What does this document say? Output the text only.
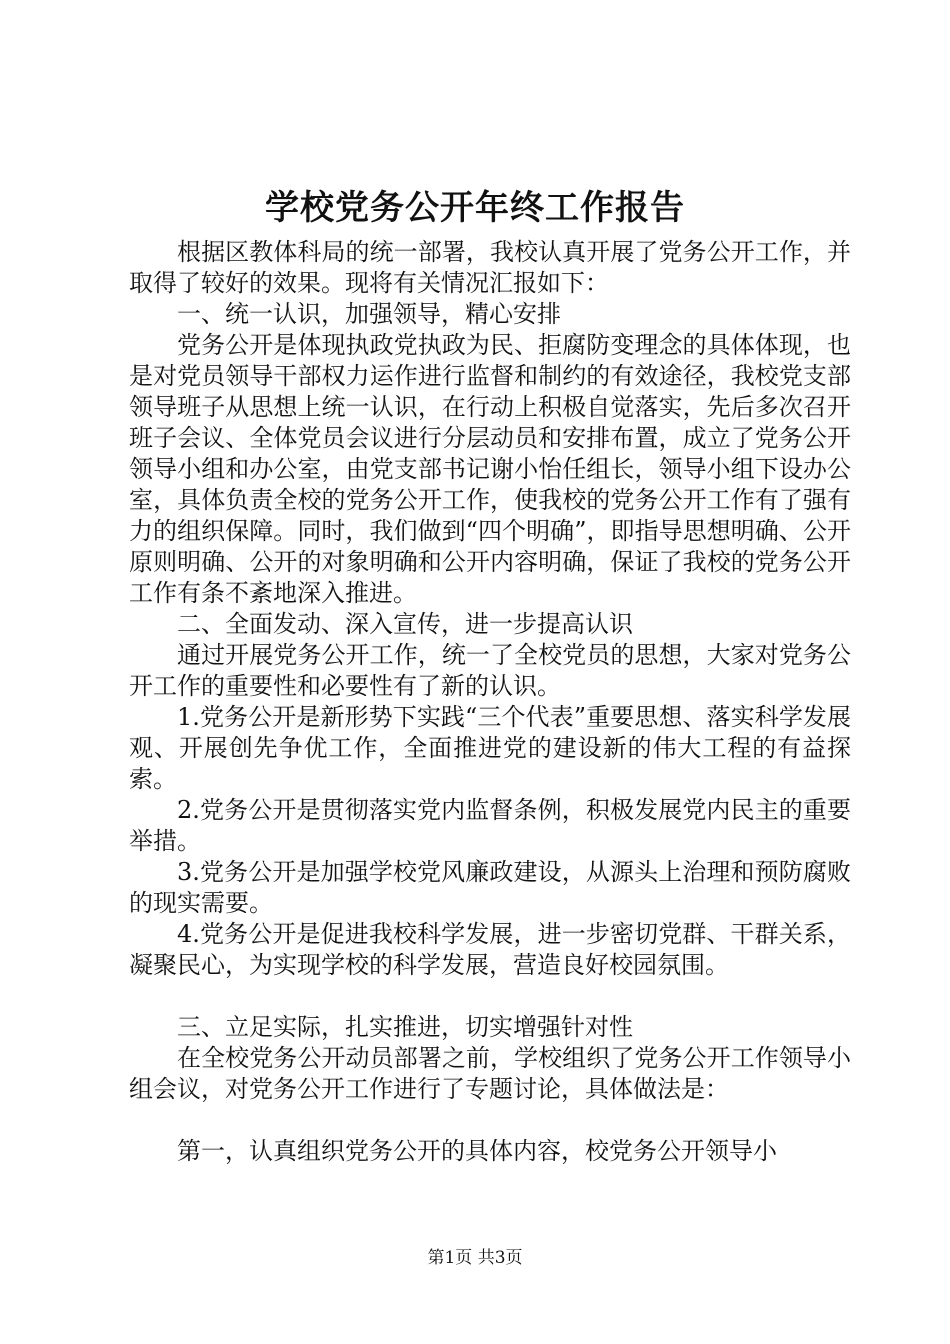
学校党务公开年终工作报告

根据区教体科局的统一部署，我校认真开展了党务公开工作，并取得了较好的效果。现将有关情况汇报如下：

一、统一认识，加强领导，精心安排

党务公开是体现执政党执政为民、拒腐防变理念的具体体现，也是对党员领导干部权力运作进行监督和制约的有效途径，我校党支部领导班子从思想上统一认识，在行动上积极自觉落实，先后多次召开班子会议、全体党员会议进行分层动员和安排布置，成立了党务公开领导小组和办公室，由党支部书记谢小怡任组长，领导小组下设办公室，具体负责全校的党务公开工作，使我校的党务公开工作有了强有力的组织保障。同时，我们做到“四个明确”，即指导思想明确、公开原则明确、公开的对象明确和公开内容明确，保证了我校的党务公开工作有条不紊地深入推进。

二、全面发动、深入宣传，进一步提高认识

通过开展党务公开工作，统一了全校党员的思想，大家对党务公开工作的重要性和必要性有了新的认识。

1.党务公开是新形势下实践“三个代表”重要思想、落实科学发展观、开展创先争优工作，全面推进党的建设新的伟大工程的有益探索。

2.党务公开是贯彻落实党内监督条例，积极发展党内民主的重要举措。

3.党务公开是加强学校党风廉政建设，从源头上治理和预防腐败的现实需要。

4.党务公开是促进我校科学发展，进一步密切党群、干群关系，凝聚民心，为实现学校的科学发展，营造良好校园氛围。

三、立足实际，扎实推进，切实增强针对性

在全校党务公开动员部署之前，学校组织了党务公开工作领导小组会议，对党务公开工作进行了专题讨论，具体做法是：

第一，认真组织党务公开的具体内容，校党务公开领导小

第1页 共3页
